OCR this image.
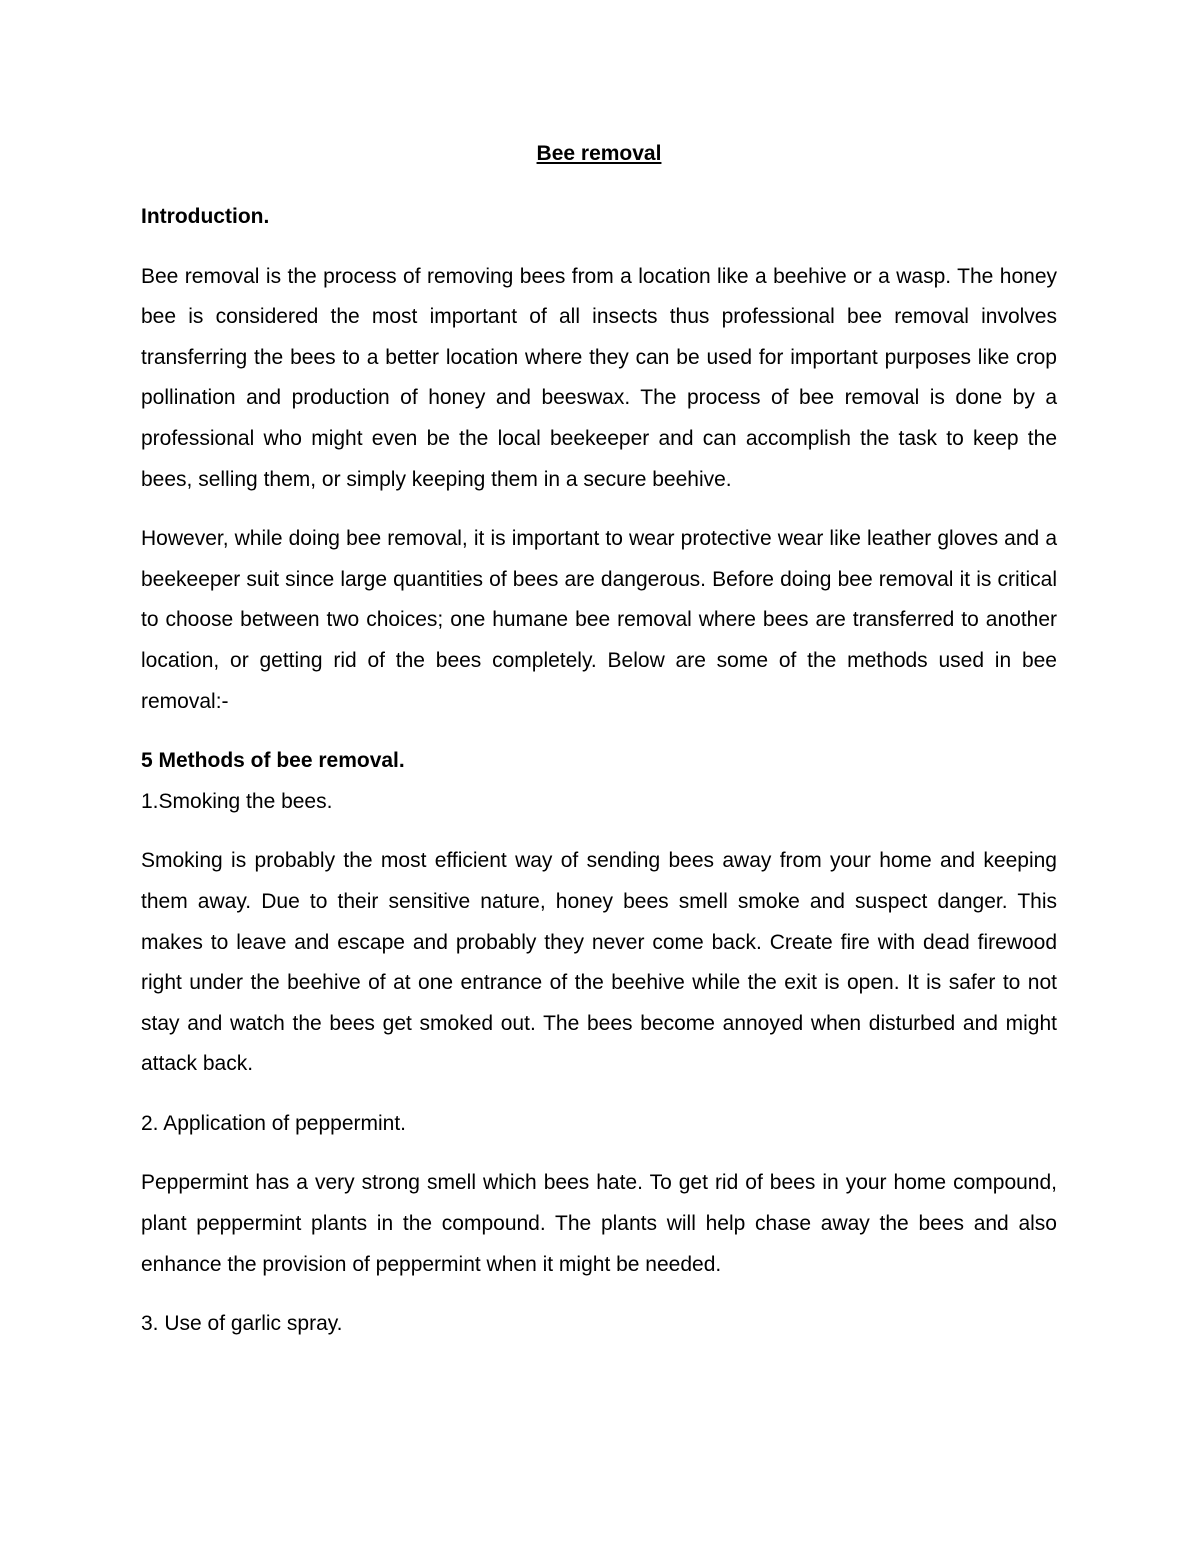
Bee removal

Introduction.

Bee removal is the process of removing bees from a location like a beehive or a wasp. The honey bee is considered the most important of all insects thus professional bee removal involves transferring the bees to a better location where they can be used for important purposes like crop pollination and production of honey and beeswax. The process of bee removal is done by a professional who might even be the local beekeeper and can accomplish the task to keep the bees, selling them, or simply keeping them in a secure beehive.

However, while doing bee removal, it is important to wear protective wear like leather gloves and a beekeeper suit since large quantities of bees are dangerous. Before doing bee removal it is critical to choose between two choices; one humane bee removal where bees are transferred to another location, or getting rid of the bees completely. Below are some of the methods used in bee removal:-

5 Methods of bee removal.

1.Smoking the bees.

Smoking is probably the most efficient way of sending bees away from your home and keeping them away. Due to their sensitive nature, honey bees smell smoke and suspect danger. This makes to leave and escape and probably they never come back. Create fire with dead firewood right under the beehive of at one entrance of the beehive while the exit is open. It is safer to not stay and watch the bees get smoked out. The bees become annoyed when disturbed and might attack back.

2. Application of peppermint.

Peppermint has a very strong smell which bees hate. To get rid of bees in your home compound, plant peppermint plants in the compound. The plants will help chase away the bees and also enhance the provision of peppermint when it might be needed.

3. Use of garlic spray.
